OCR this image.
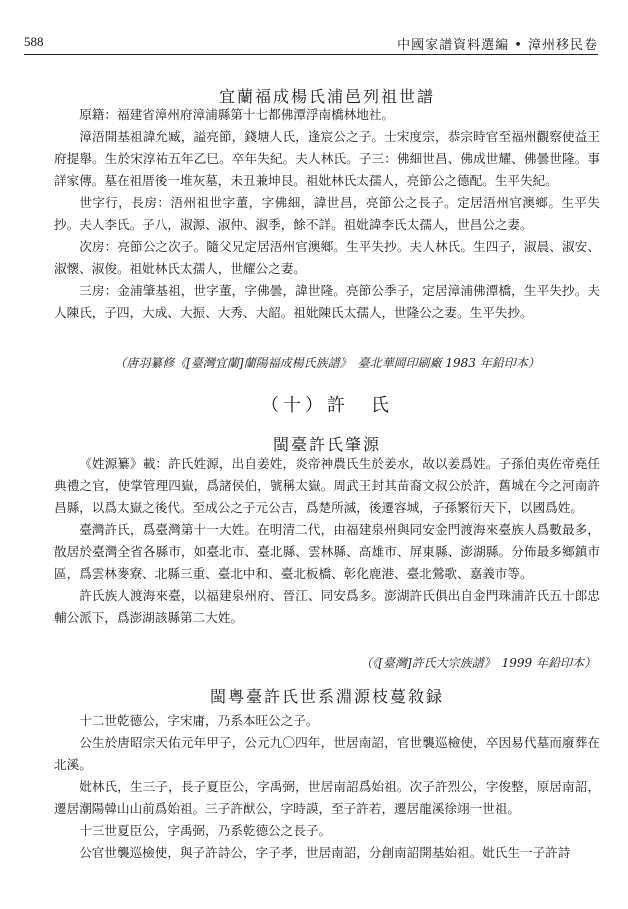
588	中國家譜資料選編 • 漳州移民卷

宜蘭福成楊氏浦邑列祖世譜

原籍：福建省漳州府漳浦縣第十七都佛潭浮南橋林地社。

漳浯開基祖諱允臧，謚亮節，錢塘人氏，逢宸公之子。士宋度宗，恭宗時官至福州觀察使益王府提舉。生於宋淳祐五年乙巳。卒年失紀。夫人林氏。子三：佛細世昌、佛成世耀、佛曇世隆。事詳家傳。墓在祖厝後一堆灰墓，未丑兼坤艮。祖妣林氏太孺人，亮節公之德配。生平失紀。

世字行，長房：浯州祖世字董，字佛細，諱世昌，亮節公之長子。定居浯州官澳鄉。生平失抄。夫人李氏。子八，淑源、淑仲、淑季，餘不詳。祖妣諱李氏太孺人，世昌公之妻。

次房：亮節公之次子。隨父兄定居浯州官澳鄉。生平失抄。夫人林氏。生四子，淑晨、淑安、淑懷、淑俊。祖妣林氏太孺人，世耀公之妻。

三房：金浦肇基祖，世字董，字佛曇，諱世隆。亮節公季子，定居漳浦佛潭橋，生平失抄。夫人陳氏，子四，大成、大振、大秀、大韶。祖妣陳氏太孺人，世隆公之妻。生平失抄。

（唐羽纂修《[臺灣宜蘭]蘭陽福成楊氏族譜》　臺北華岡印刷廠 1983 年鉛印本）

（十）許　氏

閩臺許氏肇源

《姓源纂》載：許氏姓源，出自姜姓，炎帝神農氏生於姜水，故以姜爲姓。子孫伯夷佐帝堯任典禮之官，使掌管理四嶽，爲諸侯伯，號稱太嶽。周武王封其苗裔文叔公於許，舊城在今之河南許昌縣，以爲太嶽之後代。至成公之子元公吉，爲楚所滅，後遷容城，子孫繁衍天下，以國爲姓。

臺灣許氏，爲臺灣第十一大姓。在明清二代，由福建泉州與同安金門渡海來臺族人爲數最多，散居於臺灣全省各縣市，如臺北市、臺北縣、雲林縣、高雄市、屏東縣、澎湖縣。分佈最多鄉鎮市區，爲雲林麥寮、北縣三重、臺北中和、臺北板橋、彰化鹿港、臺北鶯歌、嘉義市等。

許氏族人渡海來臺，以福建泉州府、晉江、同安爲多。澎湖許氏俱出自金門珠浦許氏五十郎忠輔公派下，爲澎湖該縣第二大姓。

（《[臺灣]許氏大宗族譜》　1999 年鉛印本）

閩粵臺許氏世系淵源枝蔓敘録

十二世乾德公，字宋庸，乃系本旺公之子。

公生於唐昭宗天佑元年甲子，公元九〇四年，世居南詔，官世襲巡檢使，卒因易代墓而廢葬在北溪。

妣林氏，生三子，長子夏臣公，字禹弼，世居南詔爲始祖。次子許烈公，字俊整，原居南詔，遷居潮陽韓山山前爲始祖。三子許猷公，字時謨，至子許若，遷居龍溪徐翊一世祖。

十三世夏臣公，字禹弼，乃系乾德公之長子。

公官世襲巡檢使，與子許詩公，字子孝，世居南詔，分創南詔開基始祖。妣氏生一子許詩
